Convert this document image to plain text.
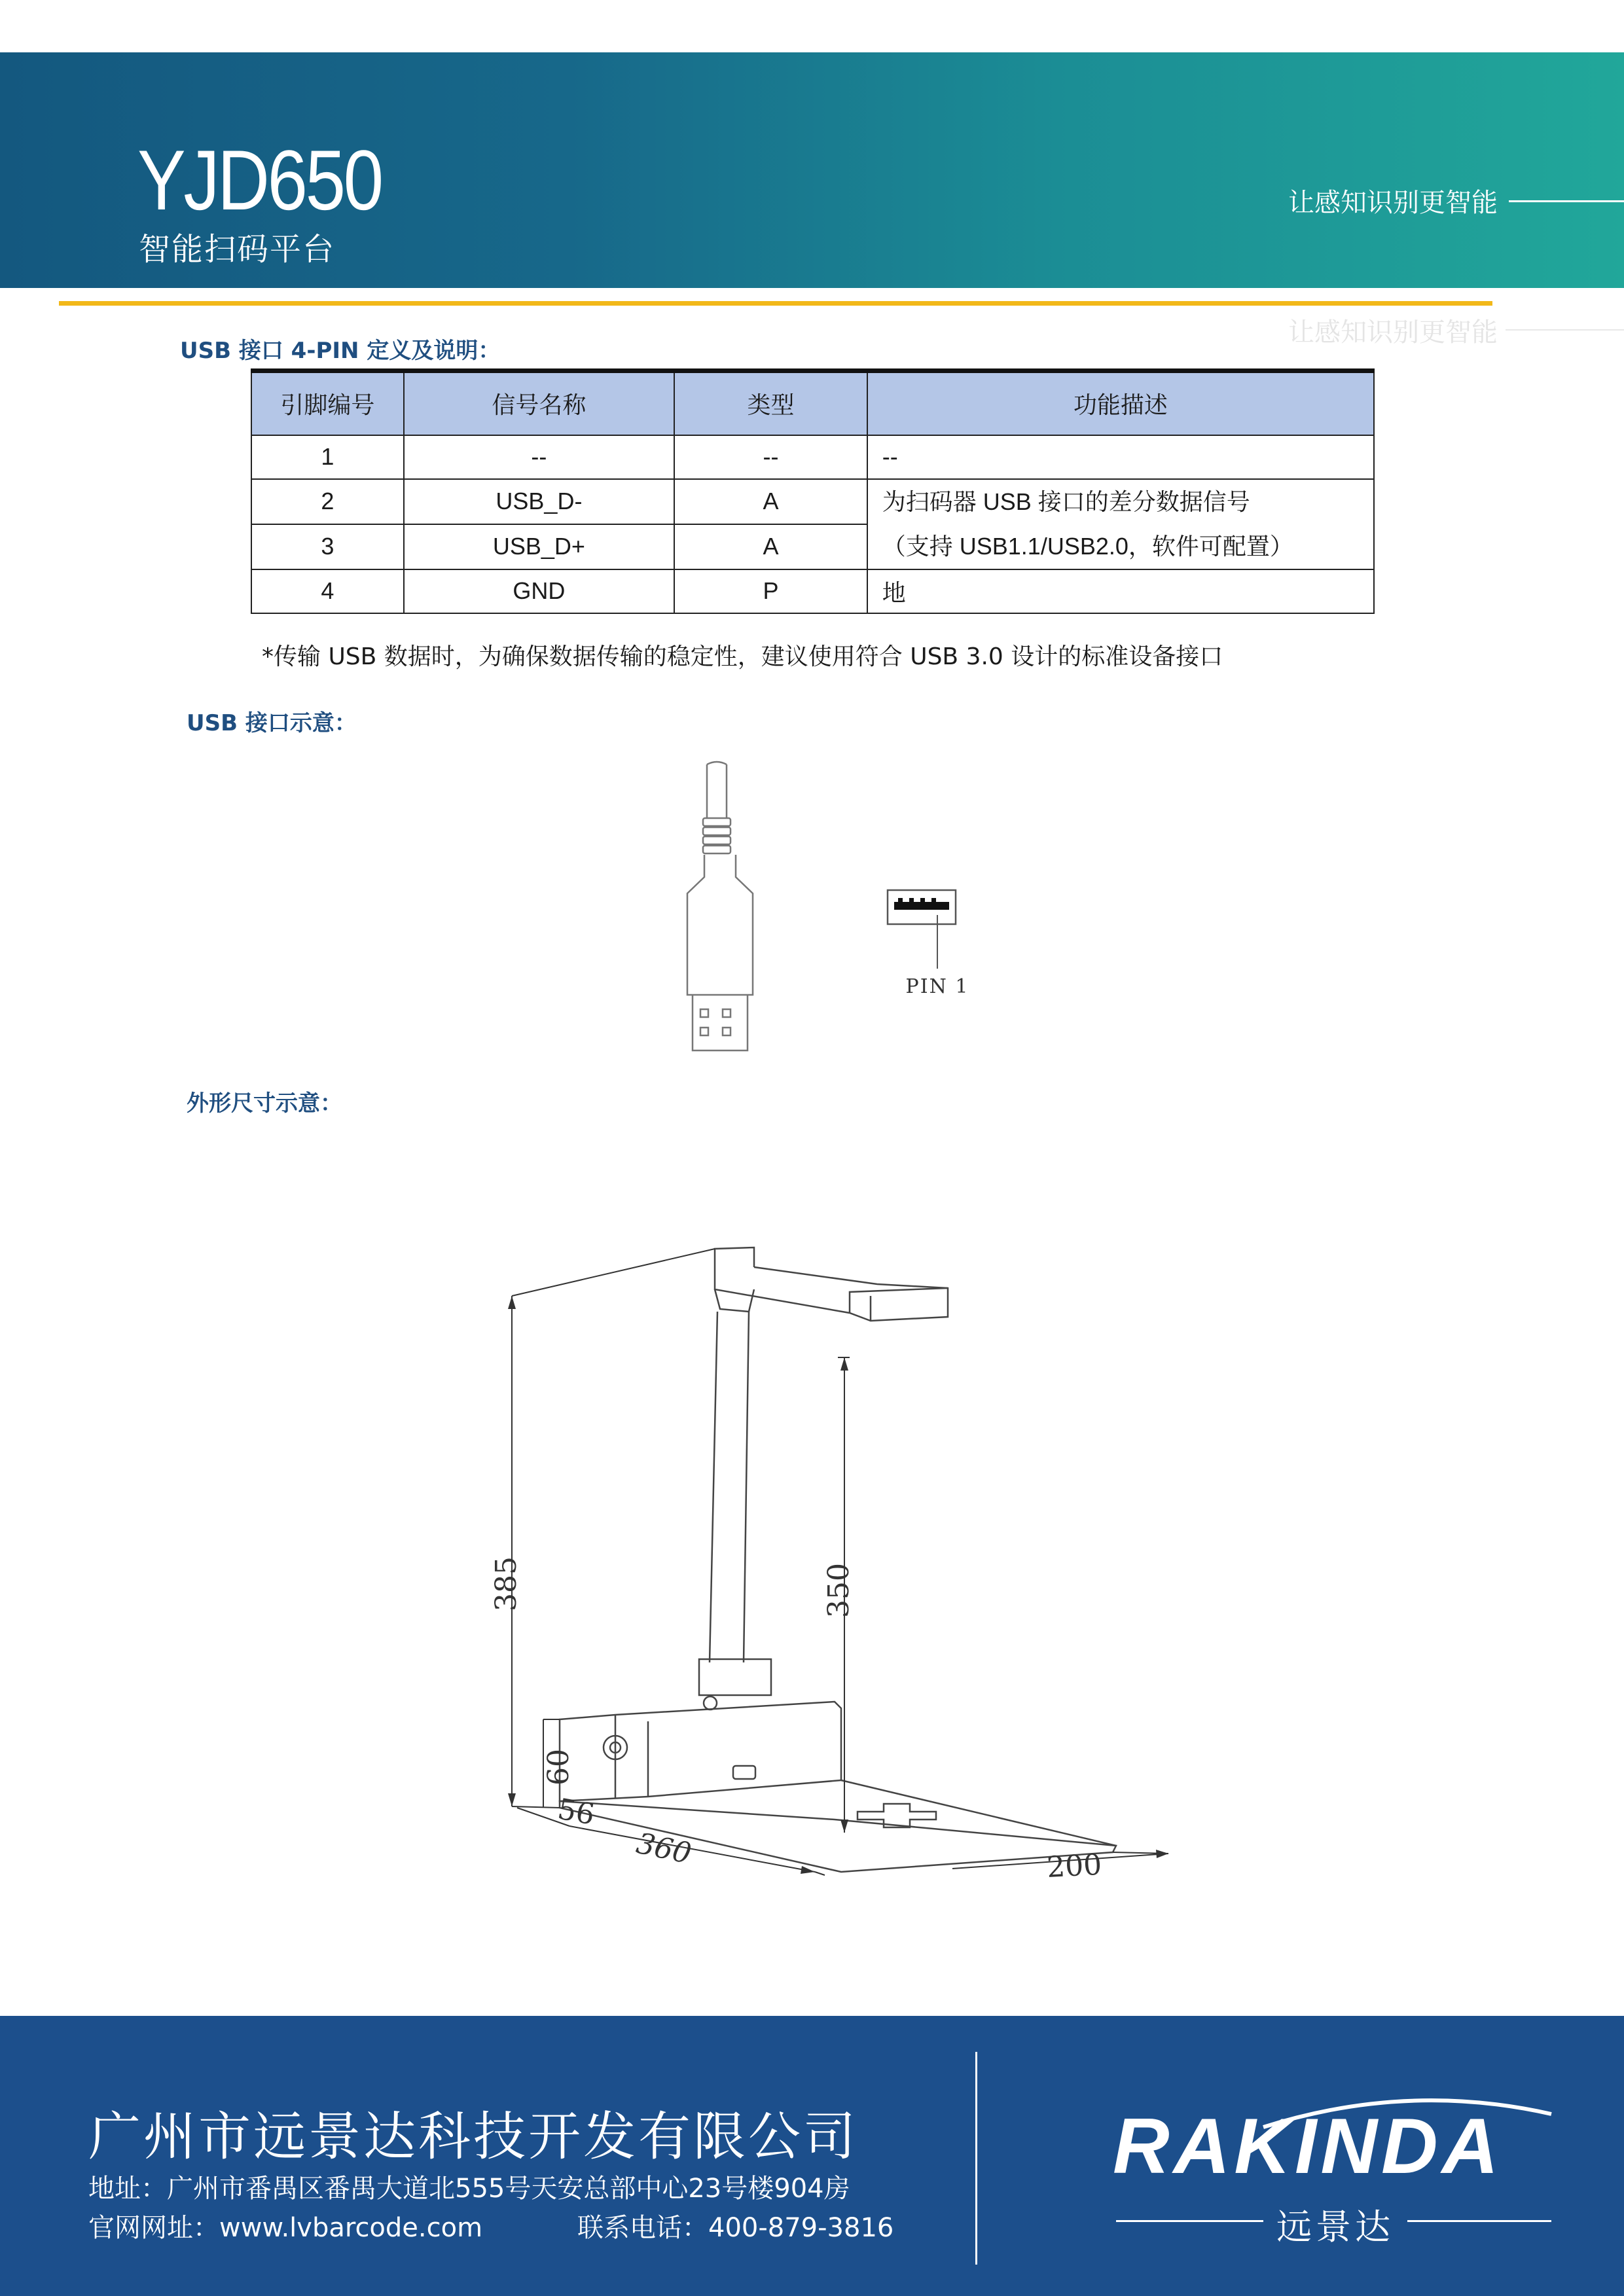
YJD650
智能扫码平台
让感知识别更智能
让感知识别更智能
USB 接口 4-PIN 定义及说明：
引脚编号	信号名称	类型	功能描述
1	--	--	--
2	USB_D-	A	为扫码器 USB 接口的差分数据信号
（支持 USB1.1/USB2.0，软件可配置）

3	USB_D+	A	
4	GND	P	地
*传输 USB 数据时，为确保数据传输的稳定性，建议使用符合 USB 3.0 设计的标准设备接口
USB 接口示意：
PIN 1
外形尺寸示意：
385	350
60
56
360	200
广州市远景达科技开发有限公司
地址：广州市番禺区番禺大道北555号天安总部中心23号楼904房
官网网址：www.lvbarcode.com	联系电话：400-879-3816
RAKINDA
远景达
